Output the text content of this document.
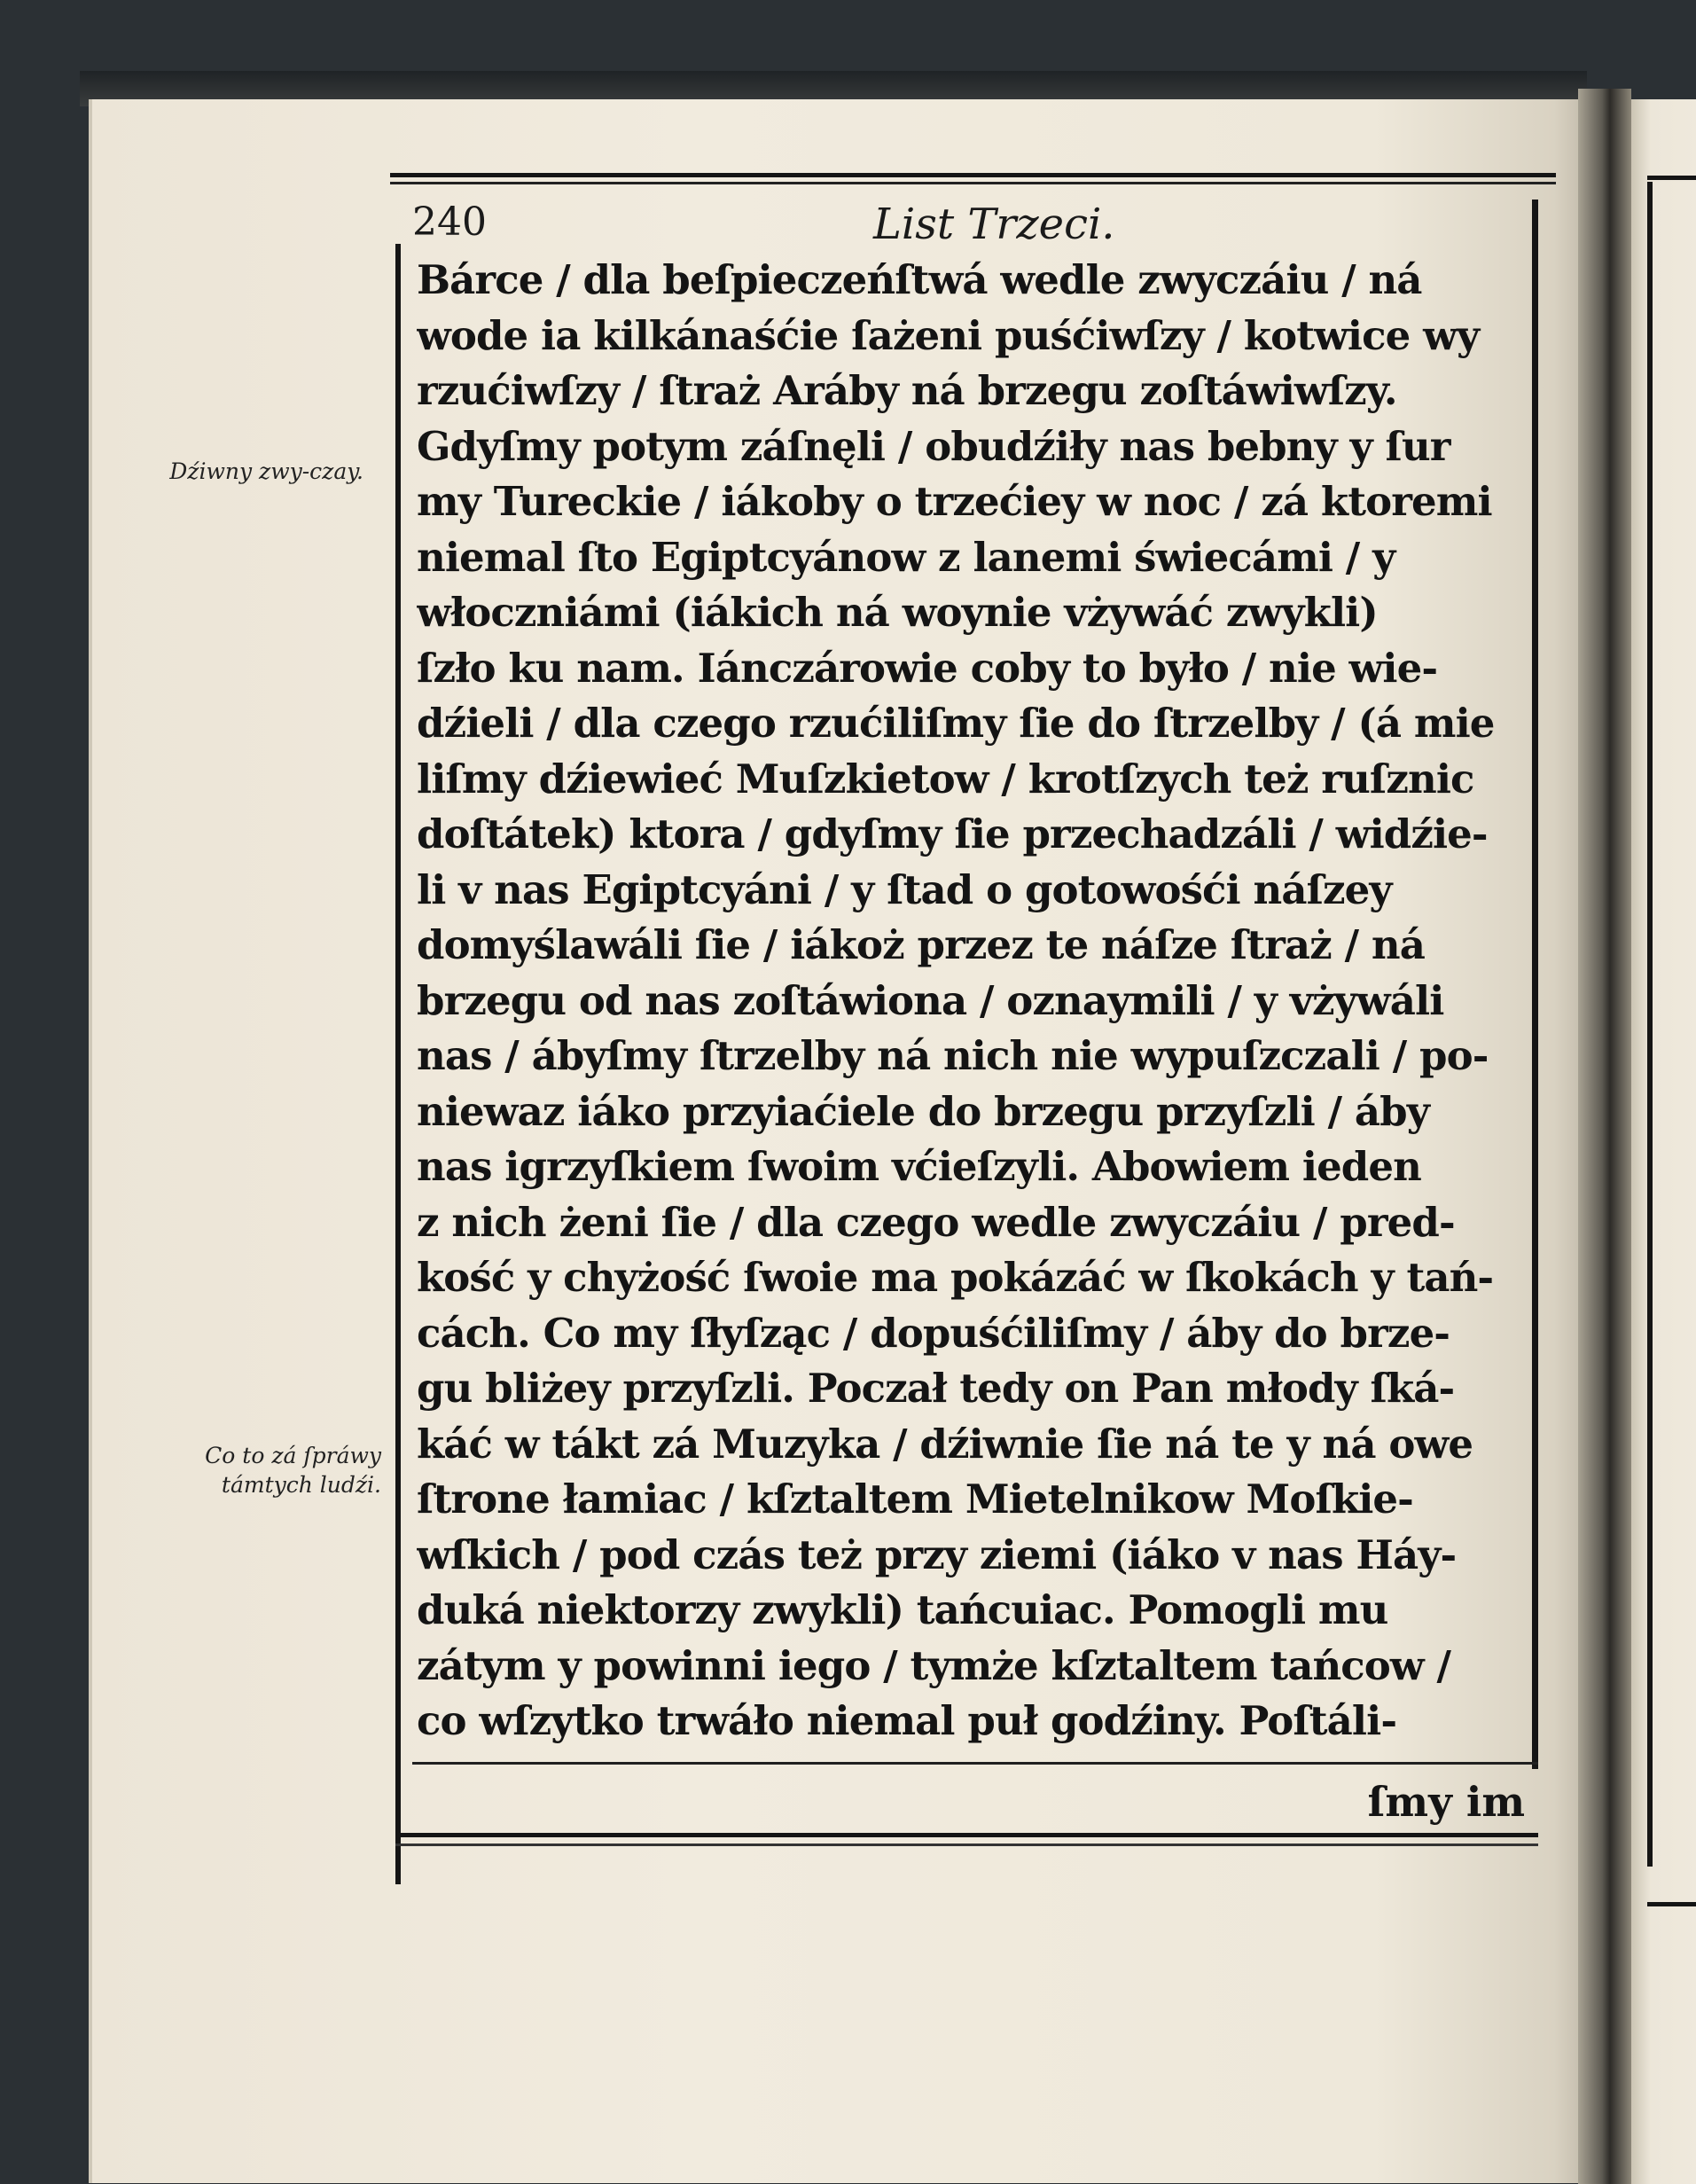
Dźiwny zwy-czay.
Co to zá ſpráwy támtych ludźi.
240	List Trzeci.
Bárce / dla beſpieczeńſtwá wedle zwyczáiu / ná
wode ia kilkánaśćie ſażeni puśćiwſzy / kotwice wy
rzućiwſzy / ſtraż Aráby ná brzegu zoſtáwiwſzy.
Gdyſmy potym záſnęli / obudźiły nas bebny y ſur
my Tureckie / iákoby o trzećiey w noc / zá ktoremi
niemal ſto Egiptcyánow z lanemi świecámi / y
włoczniámi (iákich ná woynie vżywáć zwykli)
ſzło ku nam. Iánczárowie coby to było / nie wie-
dźieli / dla czego rzućiliſmy ſie do ſtrzelby / (á mie
liſmy dźiewieć Muſzkietow / krotſzych też ruſznic
doſtátek) ktora / gdyſmy ſie przechadzáli / widźie-
li v nas Egiptcyáni / y ſtad o gotowośći náſzey
domyślawáli ſie / iákoż przez te náſze ſtraż / ná
brzegu od nas zoſtáwiona / oznaymili / y vżywáli
nas / ábyſmy ſtrzelby ná nich nie wypuſzczali / po-
niewaz iáko przyiaćiele do brzegu przyſzli / áby
nas igrzyſkiem ſwoim vćieſzyli. Abowiem ieden
z nich żeni ſie / dla czego wedle zwyczáiu / pred-
kość y chyżość ſwoie ma pokázáć w ſkokách y tań-
cách. Co my ſłyſząc / dopuśćiliſmy / áby do brze-
gu bliżey przyſzli. Poczał tedy on Pan młody ſká-
káć w tákt zá Muzyka / dźiwnie ſie ná te y ná owe
ſtrone łamiac / kſztaltem Mietelnikow Moſkie-
wſkich / pod czás też przy ziemi (iáko v nas Háy-
duká niektorzy zwykli) tańcuiac. Pomogli mu
zátym y powinni iego / tymże kſztaltem tańcow /
co wſzytko trwáło niemal puł godźiny. Poſtáli-
ſmy im
